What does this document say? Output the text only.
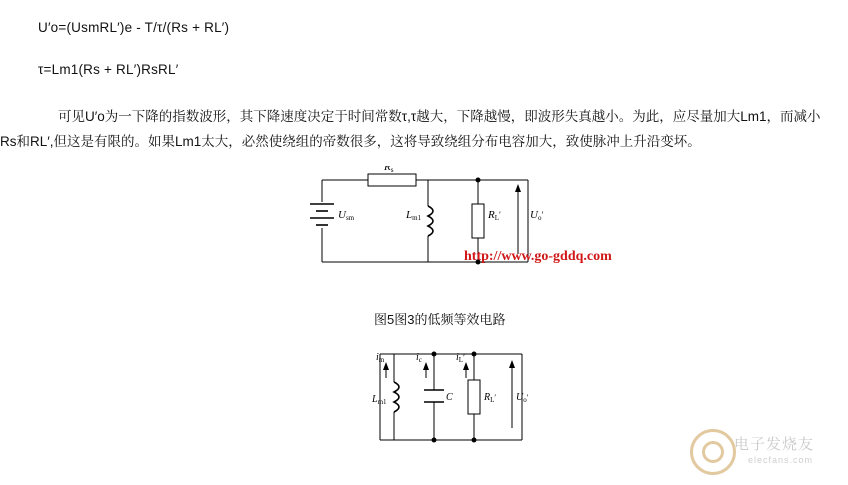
U′o=(UsmRL′)e - T/τ/(Rs + RL′)
τ=Lm1(Rs + RL′)RsRL′
可见U′o为一下降的指数波形，其下降速度决定于时间常数τ,τ越大，下降越慢，即波形失真越小。为此，应尽量加大Lm1，而减小
Rs和RL′,但这是有限的。如果Lm1太大，必然使绕组的帝数很多，这将导致绕组分布电容加大，致使脉冲上升沿变坏。
Rs
Usm	Lm1	RL′	Uo′
http://www.go-gddq.com
图5图3的低频等效电路
$i_m$	$i_c$	$i_L'$
$L_{m1}$	C	$R_L'$ $U_o'$
电子发烧友
elecfans.com
